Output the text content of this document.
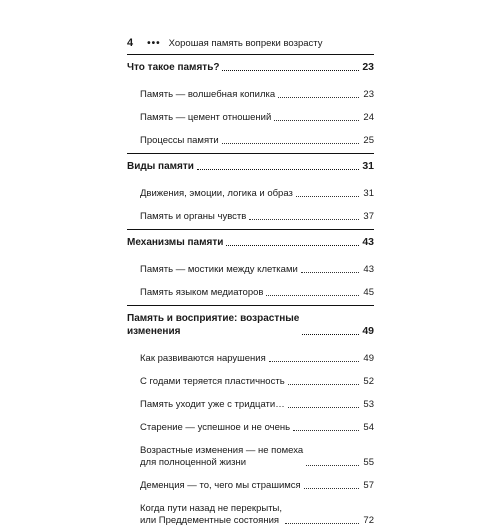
4 ••• Хорошая память вопреки возрасту
Что такое память?	23
Память — волшебная копилка	23
Память — цемент отношений	24
Процессы памяти	25
Виды памяти	31
Движения, эмоции, логика и образ	31
Память и органы чувств	37
Механизмы памяти	43
Память — мостики между клетками	43
Память языком медиаторов	45
Память и восприятие: возрастные
изменения	49
Как развиваются нарушения	49
С годами теряется пластичность	52
Память уходит уже с тридцати…	53
Старение — успешное и не очень	54
Возрастные изменения — не помеха
для полноценной жизни	55
Деменция — то, чего мы страшимся	57
Когда пути назад не перекрыты,
или Преддементные состояния	72
